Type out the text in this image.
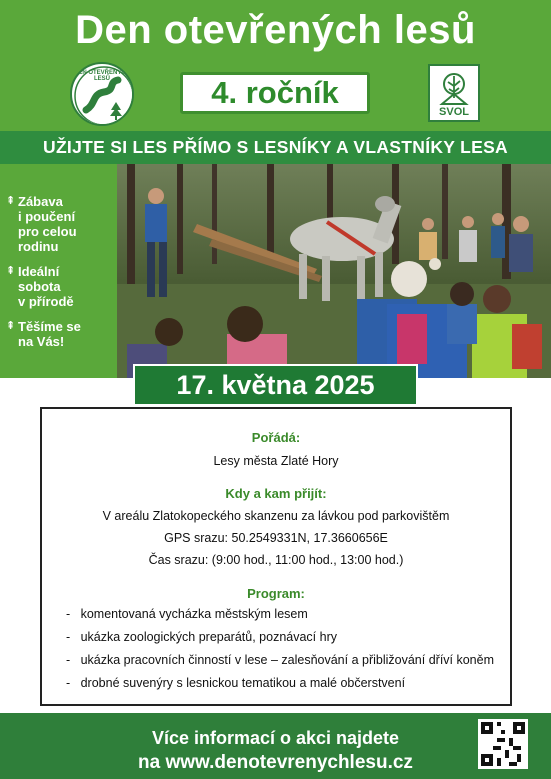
Den otevřených lesů
DEN OTEVŘENÝCH LESŮ	4. ročník
SVOL
UŽIJTE SI LES PŘÍMO S LESNÍKY A VLASTNÍKY LESA
⇞ Zábava
i poučení
pro celou
rodinu
⇞ Ideální
sobota
v přírodě
⇞ Těšíme se
na Vás!
17. května 2025
Pořádá:
Lesy města Zlaté Hory
Kdy a kam přijít:
V areálu Zlatokopeckého skanzenu za lávkou pod parkovištěm
GPS srazu: 50.2549331N, 17.3660656E
Čas srazu: (9:00 hod., 11:00 hod., 13:00 hod.)
Program:
-   komentovaná vycházka městským lesem
-   ukázka zoologických preparátů, poznávací hry
-   ukázka pracovních činností v lese – zalesňování a přibližování dříví koněm
-   drobné suvenýry s lesnickou tematikou a malé občerstvení
Více informací o akci najdete
na www.denotevrenychlesu.cz
